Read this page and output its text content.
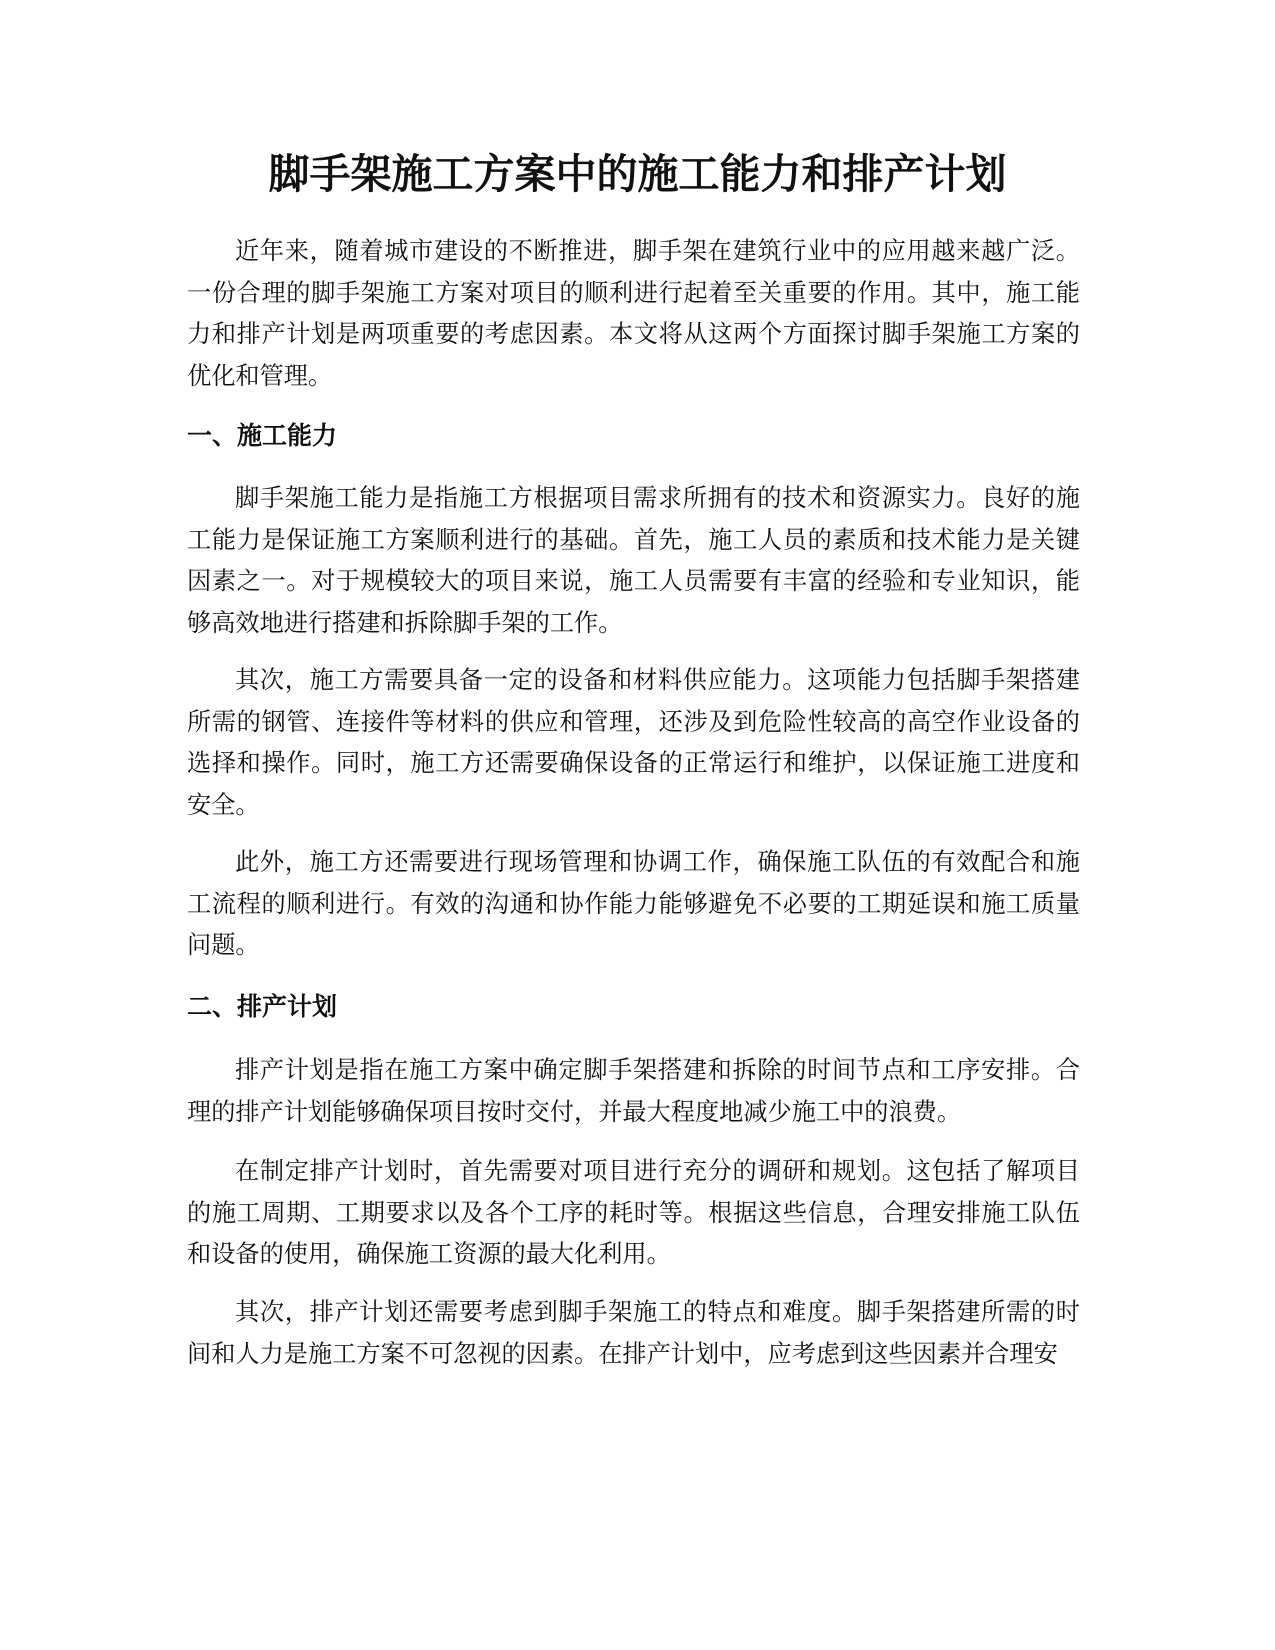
脚手架施工方案中的施工能力和排产计划

近年来，随着城市建设的不断推进，脚手架在建筑行业中的应用越来越广泛。一份合理的脚手架施工方案对项目的顺利进行起着至关重要的作用。其中，施工能力和排产计划是两项重要的考虑因素。本文将从这两个方面探讨脚手架施工方案的优化和管理。

一、施工能力

脚手架施工能力是指施工方根据项目需求所拥有的技术和资源实力。良好的施工能力是保证施工方案顺利进行的基础。首先，施工人员的素质和技术能力是关键因素之一。对于规模较大的项目来说，施工人员需要有丰富的经验和专业知识，能够高效地进行搭建和拆除脚手架的工作。

其次，施工方需要具备一定的设备和材料供应能力。这项能力包括脚手架搭建所需的钢管、连接件等材料的供应和管理，还涉及到危险性较高的高空作业设备的选择和操作。同时，施工方还需要确保设备的正常运行和维护，以保证施工进度和安全。

此外，施工方还需要进行现场管理和协调工作，确保施工队伍的有效配合和施工流程的顺利进行。有效的沟通和协作能力能够避免不必要的工期延误和施工质量问题。

二、排产计划

排产计划是指在施工方案中确定脚手架搭建和拆除的时间节点和工序安排。合理的排产计划能够确保项目按时交付，并最大程度地减少施工中的浪费。

在制定排产计划时，首先需要对项目进行充分的调研和规划。这包括了解项目的施工周期、工期要求以及各个工序的耗时等。根据这些信息，合理安排施工队伍和设备的使用，确保施工资源的最大化利用。

其次，排产计划还需要考虑到脚手架施工的特点和难度。脚手架搭建所需的时间和人力是施工方案不可忽视的因素。在排产计划中，应考虑到这些因素并合理安
